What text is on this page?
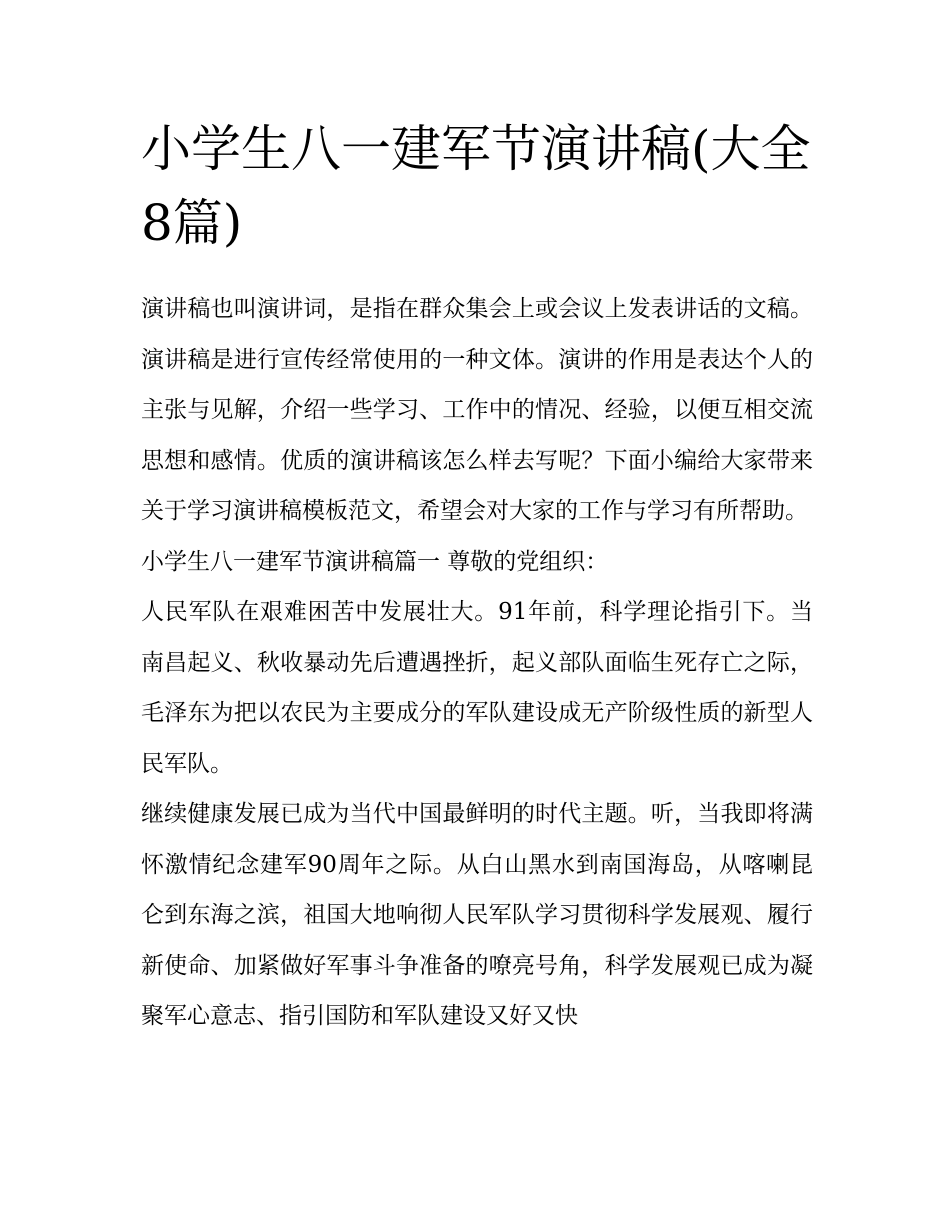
小学生八一建军节演讲稿(大全8篇)

演讲稿也叫演讲词，是指在群众集会上或会议上发表讲话的文稿。演讲稿是进行宣传经常使用的一种文体。演讲的作用是表达个人的主张与见解，介绍一些学习、工作中的情况、经验，以便互相交流思想和感情。优质的演讲稿该怎么样去写呢？下面小编给大家带来关于学习演讲稿模板范文，希望会对大家的工作与学习有所帮助。

小学生八一建军节演讲稿篇一 尊敬的党组织：

人民军队在艰难困苦中发展壮大。91年前，科学理论指引下。当南昌起义、秋收暴动先后遭遇挫折，起义部队面临生死存亡之际，毛泽东为把以农民为主要成分的军队建设成无产阶级性质的新型人民军队。

继续健康发展已成为当代中国最鲜明的时代主题。听，当我即将满怀激情纪念建军90周年之际。从白山黑水到南国海岛，从喀喇昆仑到东海之滨，祖国大地响彻人民军队学习贯彻科学发展观、履行新使命、加紧做好军事斗争准备的嘹亮号角，科学发展观已成为凝聚军心意志、指引国防和军队建设又好又快
